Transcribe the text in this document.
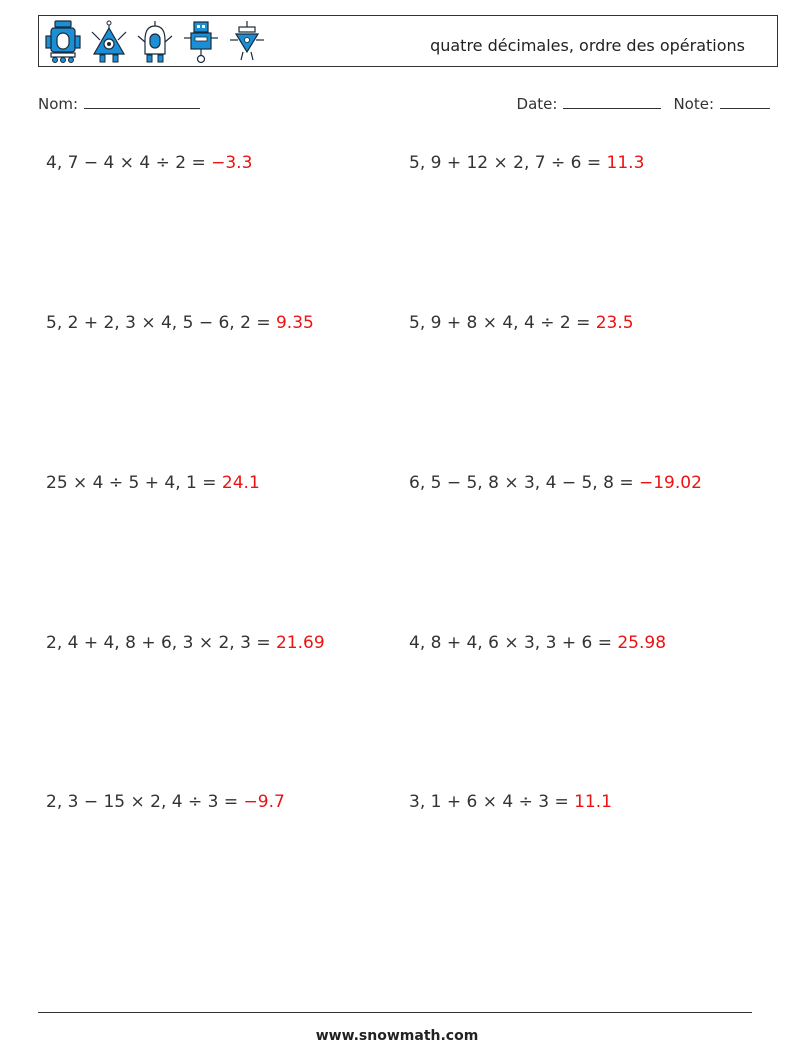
quatre décimales, ordre des opérations
Nom:	Date:	Note:
4, 7 − 4 × 4 ÷ 2 = −3.3	5, 9 + 12 × 2, 7 ÷ 6 = 11.3
5, 2 + 2, 3 × 4, 5 − 6, 2 = 9.35	5, 9 + 8 × 4, 4 ÷ 2 = 23.5
25 × 4 ÷ 5 + 4, 1 = 24.1	6, 5 − 5, 8 × 3, 4 − 5, 8 = −19.02
2, 4 + 4, 8 + 6, 3 × 2, 3 = 21.69	4, 8 + 4, 6 × 3, 3 + 6 = 25.98
2, 3 − 15 × 2, 4 ÷ 3 = −9.7	3, 1 + 6 × 4 ÷ 3 = 11.1
www.snowmath.com
